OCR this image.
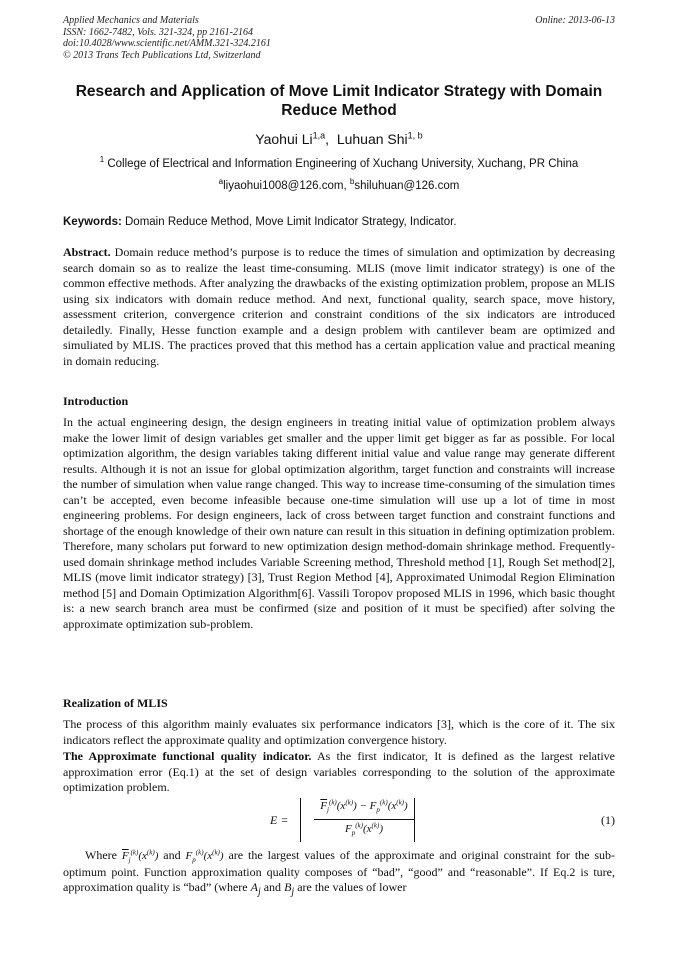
Applied Mechanics and Materials
ISSN: 1662-7482, Vols. 321-324, pp 2161-2164
doi:10.4028/www.scientific.net/AMM.321-324.2161
© 2013 Trans Tech Publications Ltd, Switzerland
Online: 2013-06-13
Research and Application of Move Limit Indicator Strategy with Domain Reduce Method
Yaohui Li$^{1,a}$, Luhuan Shi$^{1, b}$
$^1$ College of Electrical and Information Engineering of Xuchang University, Xuchang, PR China
$^a$liyaohui1008@126.com, $^b$shiluhuan@126.com
Keywords: Domain Reduce Method, Move Limit Indicator Strategy, Indicator.
Abstract. Domain reduce method’s purpose is to reduce the times of simulation and optimization by decreasing search domain so as to realize the least time-consuming. MLIS (move limit indicator strategy) is one of the common effective methods. After analyzing the drawbacks of the existing optimization problem, propose an MLIS using six indicators with domain reduce method. And next, functional quality, search space, move history, assessment criterion, convergence criterion and constraint conditions of the six indicators are introduced detailedly. Finally, Hesse function example and a design problem with cantilever beam are optimized and simuliated by MLIS. The practices proved that this method has a certain application value and practical meaning in domain reducing.
Introduction
In the actual engineering design, the design engineers in treating initial value of optimization problem always make the lower limit of design variables get smaller and the upper limit get bigger as far as possible. For local optimization algorithm, the design variables taking different initial value and value range may generate different results. Although it is not an issue for global optimization algorithm, target function and constraints will increase the number of simulation when value range changed. This way to increase time-consuming of the simulation times can’t be accepted, even become infeasible because one-time simulation will use up a lot of time in most engineering problems. For design engineers, lack of cross between target function and constraint functions and shortage of the enough knowledge of their own nature can result in this situation in defining optimization problem. Therefore, many scholars put forward to new optimization design method-domain shrinkage method. Frequently-used domain shrinkage method includes Variable Screening method, Threshold method [1], Rough Set method[2], MLIS (move limit indicator strategy) [3], Trust Region Method [4], Approximated Unimodal Region Elimination method [5] and Domain Optimization Algorithm[6]. Vassili Toropov proposed MLIS in 1996, which basic thought is: a new search branch area must be confirmed (size and position of it must be specified) after solving the approximate optimization sub-problem.
Realization of MLIS
The process of this algorithm mainly evaluates six performance indicators [3], which is the core of it. The six indicators reflect the approximate quality and optimization convergence history.
The Approximate functional quality indicator. As the first indicator, It is defined as the largest relative approximation error (Eq.1) at the set of design variables corresponding to the solution of the approximate optimization problem.
E =
$\overline{F}_j^{(k)}(x^{(k)}) - F_p^{(k)}(x^{(k)})$
$F_p^{(k)}(x^{(k)})$
(1)
Where $\overline{F}_j^{(k)}(x^{(k)})$ and $F_p^{(k)}(x^{(k)})$ are the largest values of the approximate and original constraint for the sub-optimum point. Function approximation quality composes of “bad”, “good” and “reasonable”. If Eq.2 is ture, approximation quality is “bad” (where $A_j$ and $B_j$ are the values of lower
